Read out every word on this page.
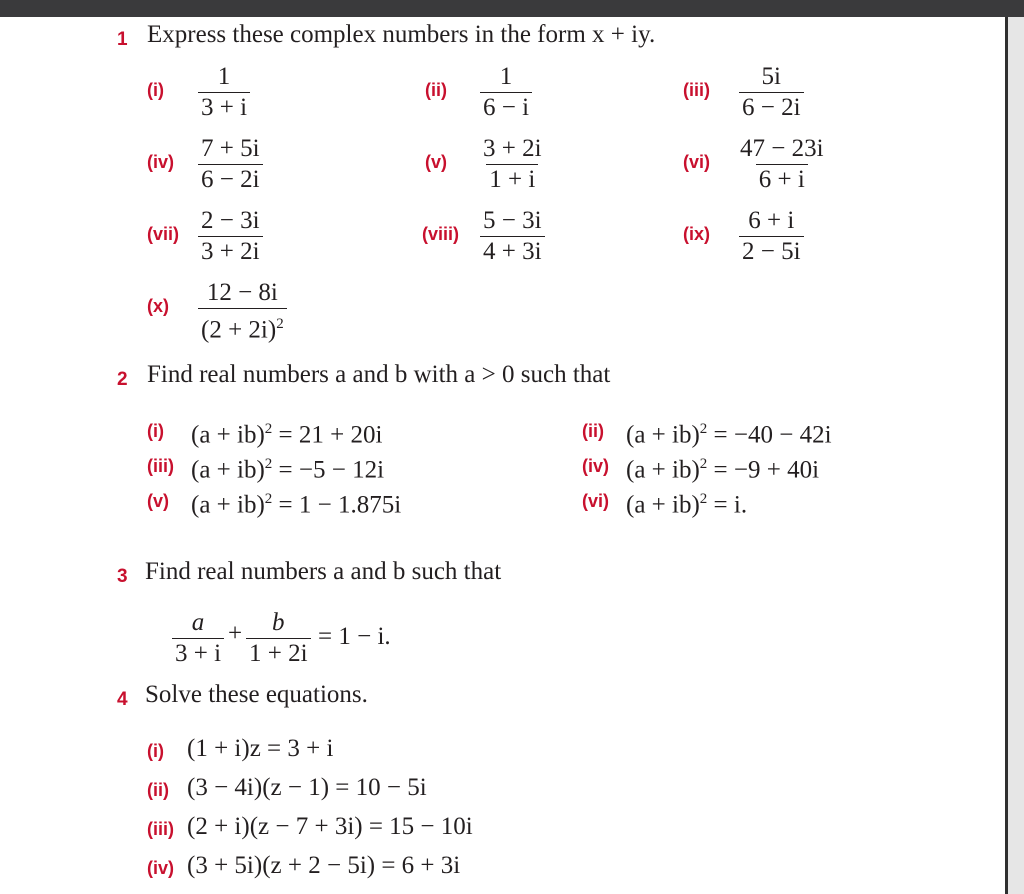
1 Express these complex numbers in the form x + iy.
$(i) \frac{1}{3 + i}$	$(ii) \frac{1}{6 - i}$	$(iii) \frac{5i}{6 - 2i}$
$(iv) \frac{7 + 5i}{6 - 2i}$	$(v) \frac{3 + 2i}{1 + i}$	$(vi) \frac{47 - 23i}{6 + i}$
$(vii) \frac{2 - 3i}{3 + 2i}$	(viii) $\frac{5 - 3i}{4 + 3i}$	$(ix) \frac{6 + i}{2 - 5i}$
$(x) \frac{12 - 8i}{(2 + 2i)^2}$
2 Find real numbers a and b with a > 0 such that
(i) (a + ib)$^2$ = 21 + 20i	(ii) (a + ib)$^2$ = −40 − 42i
(iii) (a + ib)$^2$ = −5 − 12i	(iv) (a + ib)$^2$ = −9 + 40i
(v) (a + ib)$^2$ = 1 − 1.875i	(vi) (a + ib)$^2$ = i.
3 Find real numbers a and b such that
$\frac{a}{3 + i} + \frac{b}{1 + 2i} = 1 - i$.
4 Solve these equations.
(i) (1 + i)z = 3 + i
(ii) (3 − 4i)(z − 1) = 10 − 5i
(iii) (2 + i)(z − 7 + 3i) = 15 − 10i
(iv) (3 + 5i)(z + 2 − 5i) = 6 + 3i
